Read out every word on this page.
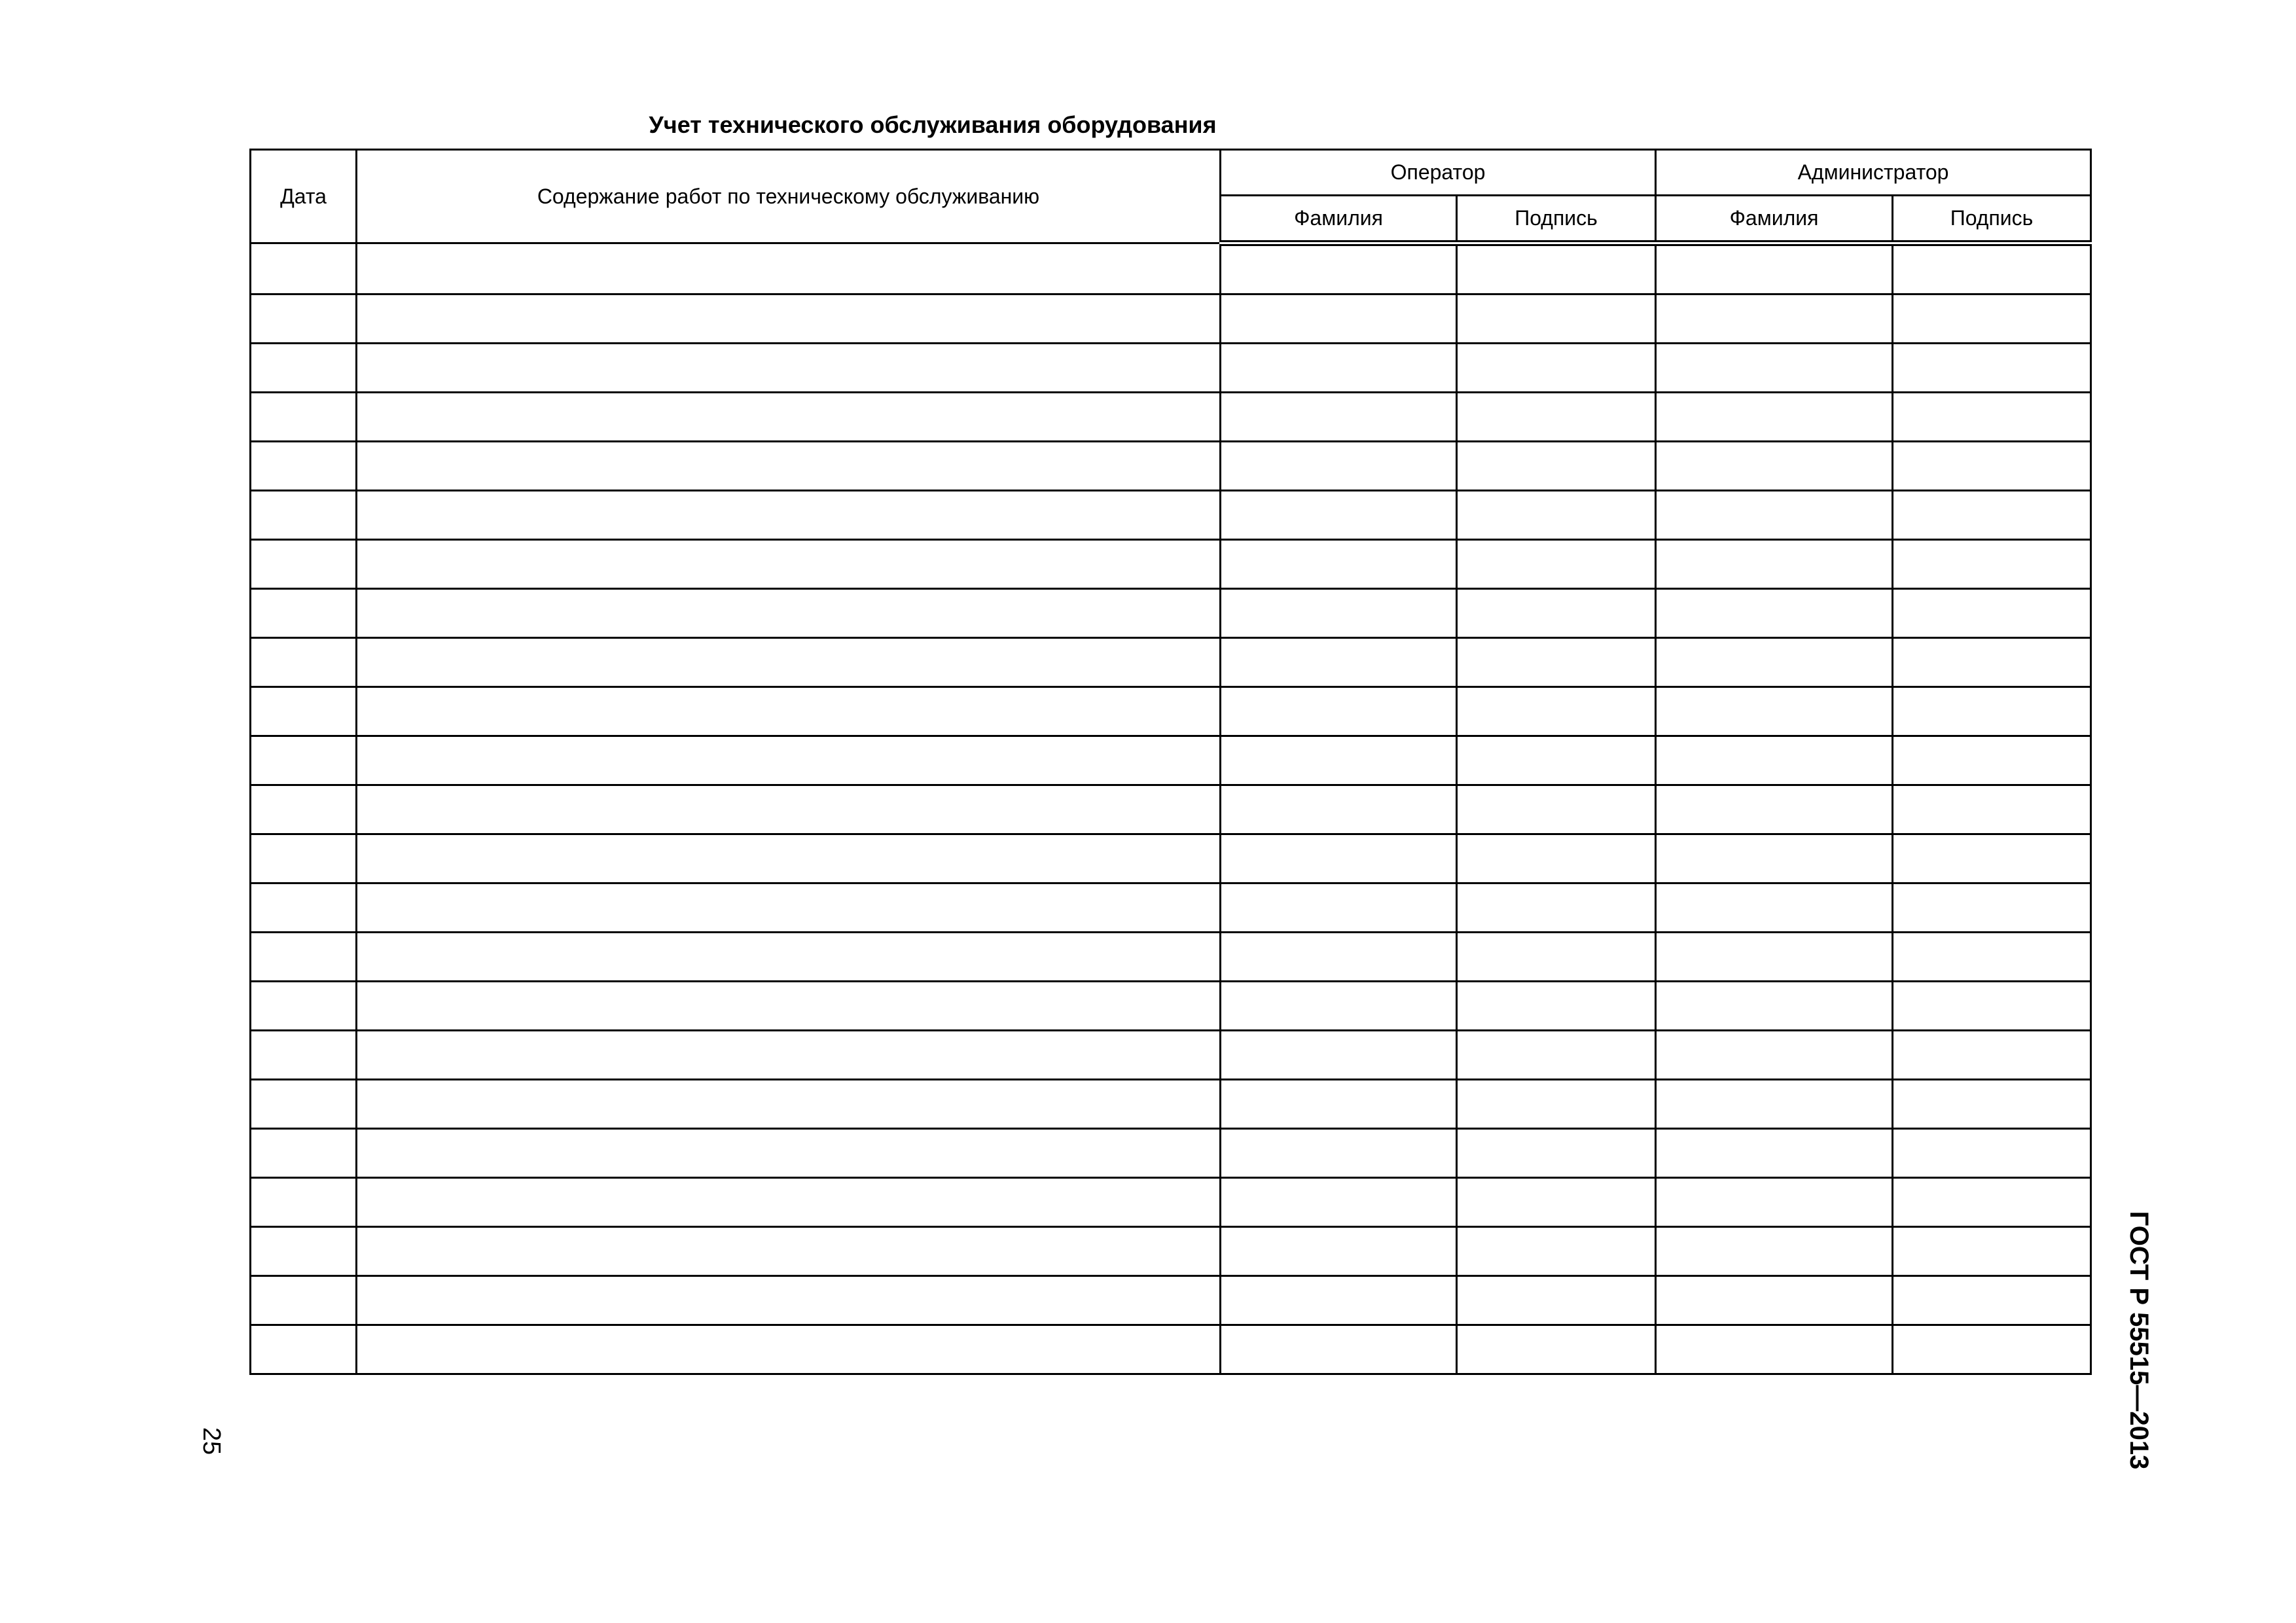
Учет технического обслуживания оборудования
Дата	Содержание работ по техническому обслуживанию	Оператор		Администратор	
		Фамилия	Подпись	Фамилия	Подпись

25	ГОСТ Р 55515—2013
